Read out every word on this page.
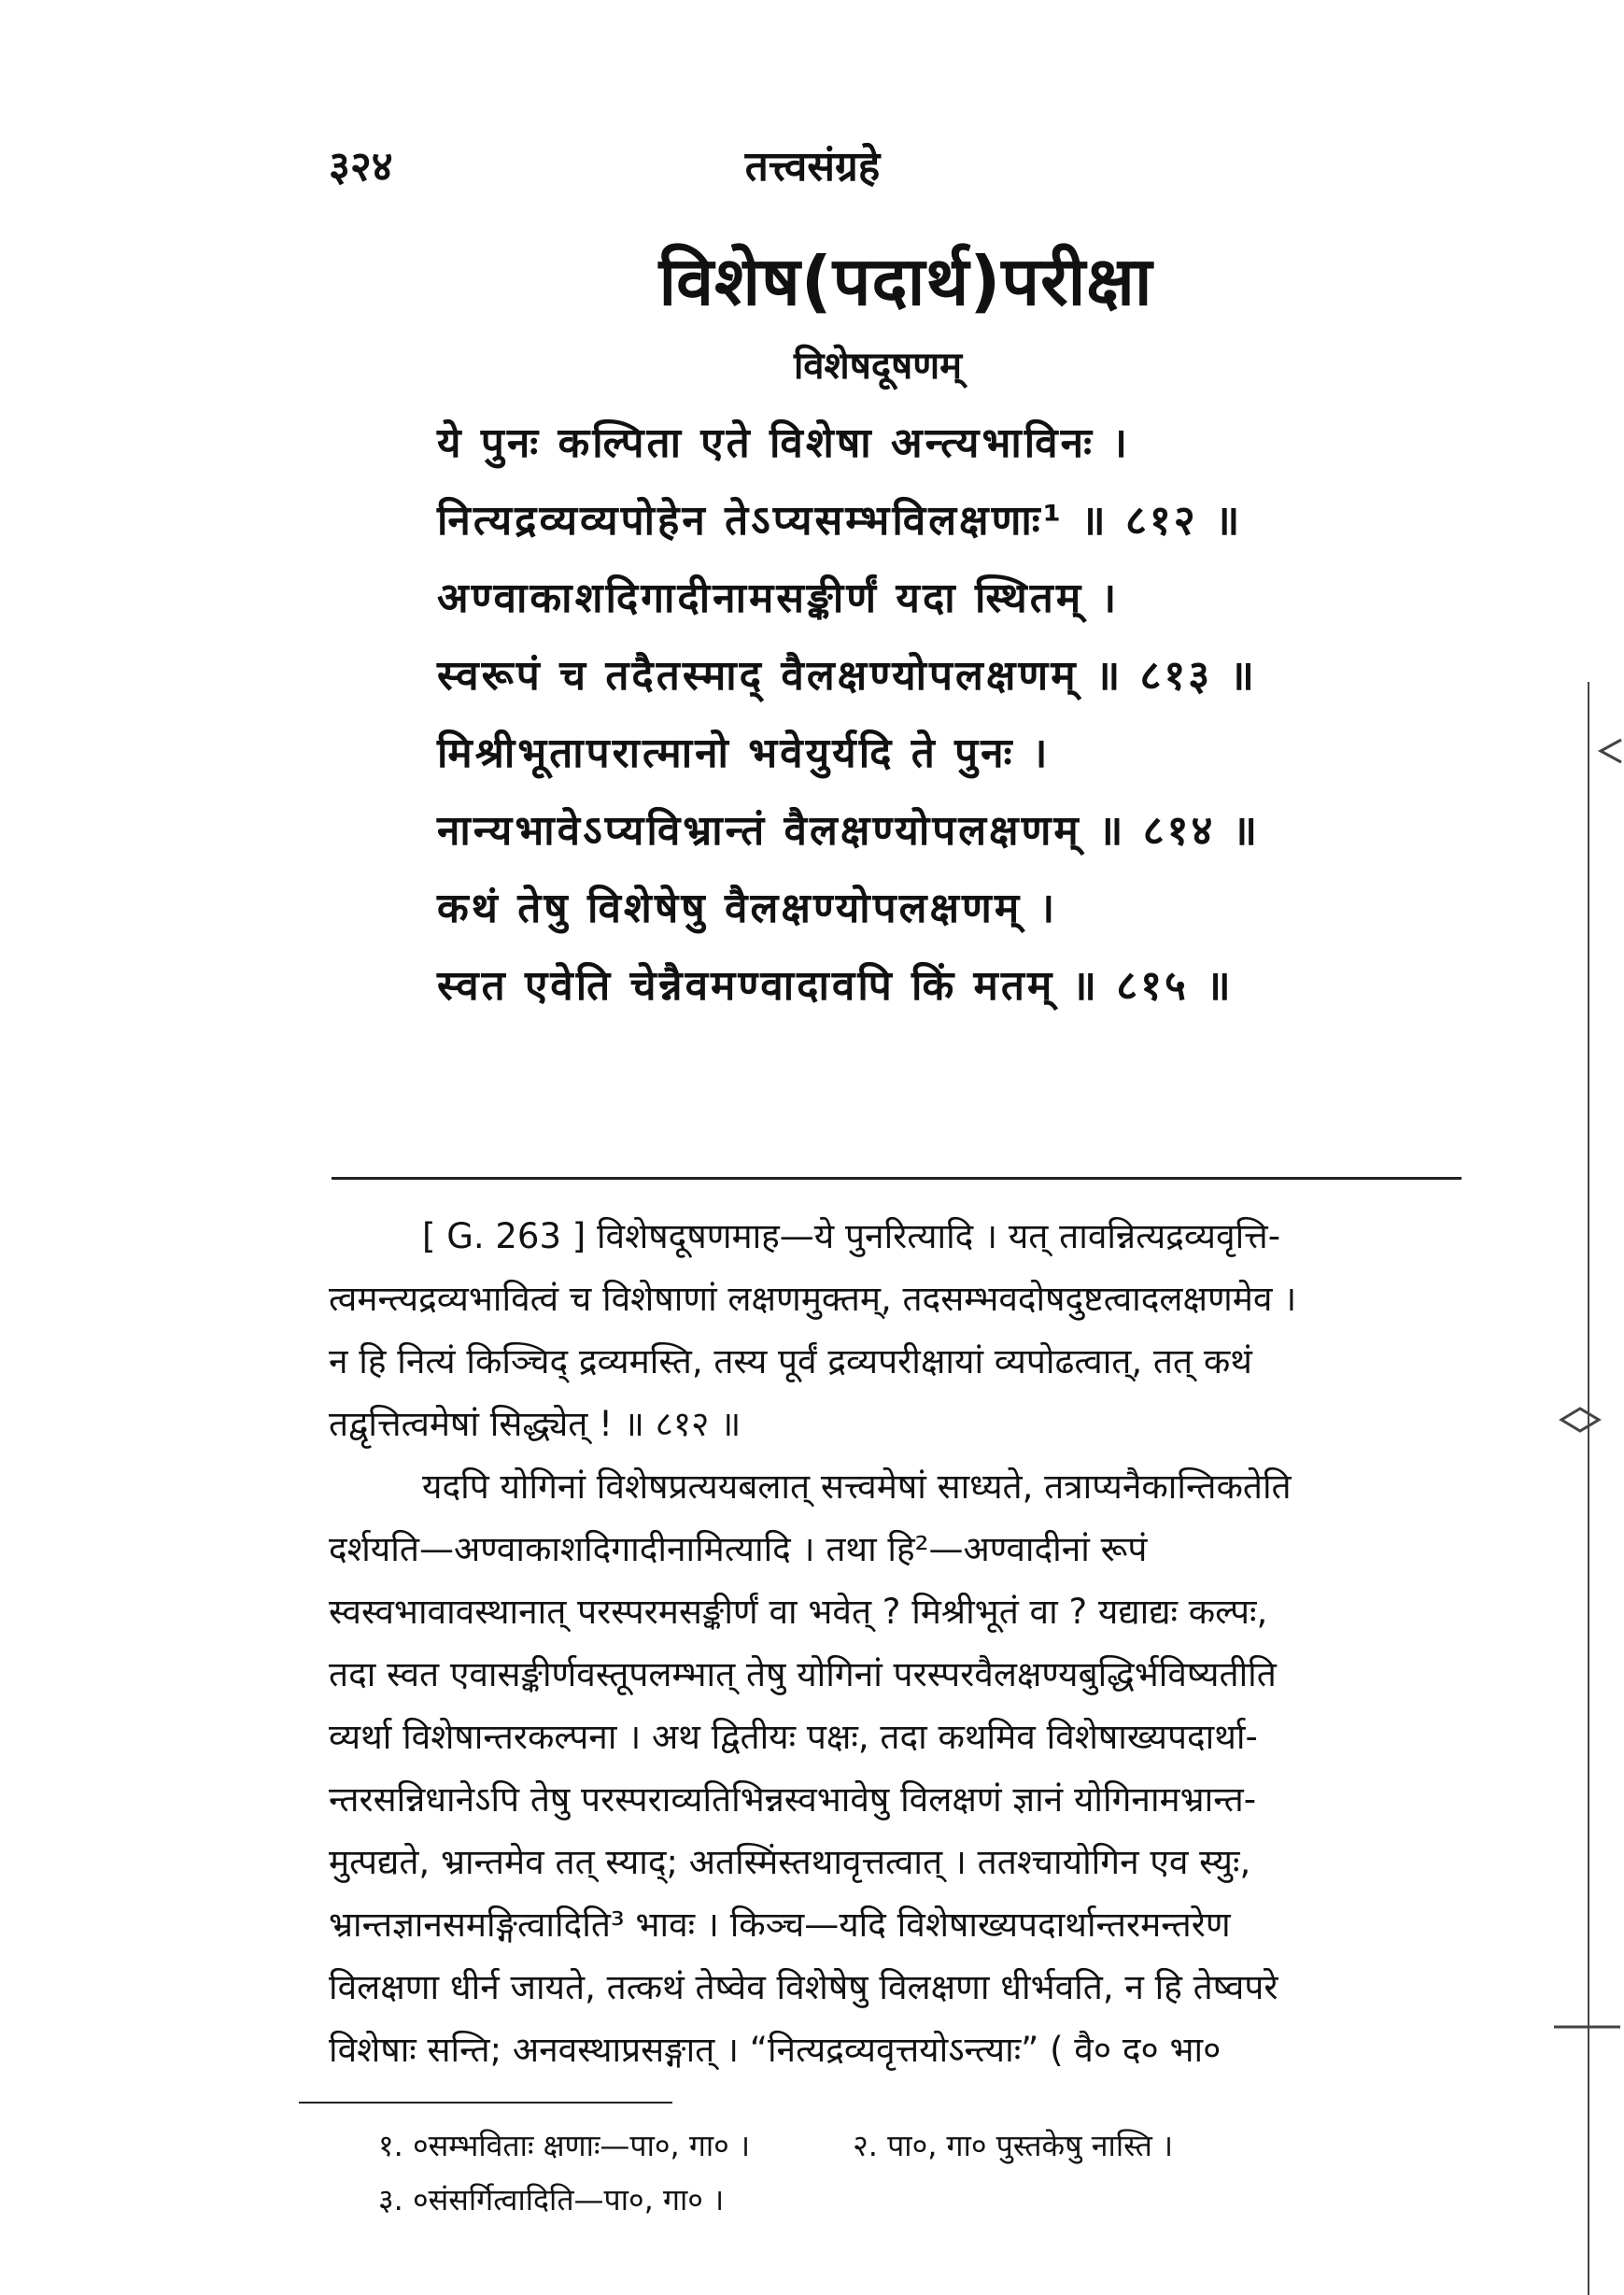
३२४	तत्त्वसंग्रहे
विशेष(पदार्थ)परीक्षा
विशेषदूषणम्
ये पुनः कल्पिता एते विशेषा अन्त्यभाविनः ।
नित्यद्रव्यव्यपोहेन तेऽप्यसम्भविलक्षणाः¹ ॥ ८१२ ॥
अण्वाकाशदिगादीनामसङ्कीर्णं यदा स्थितम् ।
स्वरूपं च तदैतस्माद् वैलक्षण्योपलक्षणम् ॥ ८१३ ॥
मिश्रीभूतापरात्मानो भवेयुर्यदि ते पुनः ।
नान्यभावेऽप्यविभ्रान्तं वैलक्षण्योपलक्षणम् ॥ ८१४ ॥
कथं तेषु विशेषेषु वैलक्षण्योपलक्षणम् ।
स्वत एवेति चेन्नैवमण्वादावपि किं मतम् ॥ ८१५ ॥
[ G. 263 ] विशेषदूषणमाह—ये पुनरित्यादि । यत् तावन्नित्यद्रव्यवृत्ति-
त्वमन्त्यद्रव्यभावित्वं च विशेषाणां लक्षणमुक्तम्, तदसम्भवदोषदुष्टत्वादलक्षणमेव ।
न हि नित्यं किञ्चिद् द्रव्यमस्ति, तस्य पूर्वं द्रव्यपरीक्षायां व्यपोढत्वात्, तत् कथं
तद्वृत्तित्वमेषां सिद्ध्येत् ! ॥ ८१२ ॥
यदपि योगिनां विशेषप्रत्ययबलात् सत्त्वमेषां साध्यते, तत्राप्यनैकान्तिकतेति
दर्शयति—अण्वाकाशदिगादीनामित्यादि । तथा हि²—अण्वादीनां रूपं
स्वस्वभावावस्थानात् परस्परमसङ्कीर्णं वा भवेत् ? मिश्रीभूतं वा ? यद्याद्यः कल्पः,
तदा स्वत एवासङ्कीर्णवस्तूपलम्भात् तेषु योगिनां परस्परवैलक्षण्यबुद्धिर्भविष्यतीति
व्यर्था विशेषान्तरकल्पना । अथ द्वितीयः पक्षः, तदा कथमिव विशेषाख्यपदार्था-
न्तरसन्निधानेऽपि तेषु परस्पराव्यतिभिन्नस्वभावेषु विलक्षणं ज्ञानं योगिनामभ्रान्त-
मुत्पद्यते, भ्रान्तमेव तत् स्याद्; अतस्मिंस्तथावृत्तत्वात् । ततश्चायोगिन एव स्युः,
भ्रान्तज्ञानसमङ्गित्वादिति³ भावः । किञ्च—यदि विशेषाख्यपदार्थान्तरमन्तरेण
विलक्षणा धीर्न जायते, तत्कथं तेष्वेव विशेषेषु विलक्षणा धीर्भवति, न हि तेष्वपरे
विशेषाः सन्ति; अनवस्थाप्रसङ्गात् । “नित्यद्रव्यवृत्तयोऽन्त्याः” ( वै० द० भा०
१. ०सम्भविताः क्षणाः—पा०, गा० ।	२. पा०, गा० पुस्तकेषु नास्ति ।
३. ०संसर्गित्वादिति—पा०, गा० ।
